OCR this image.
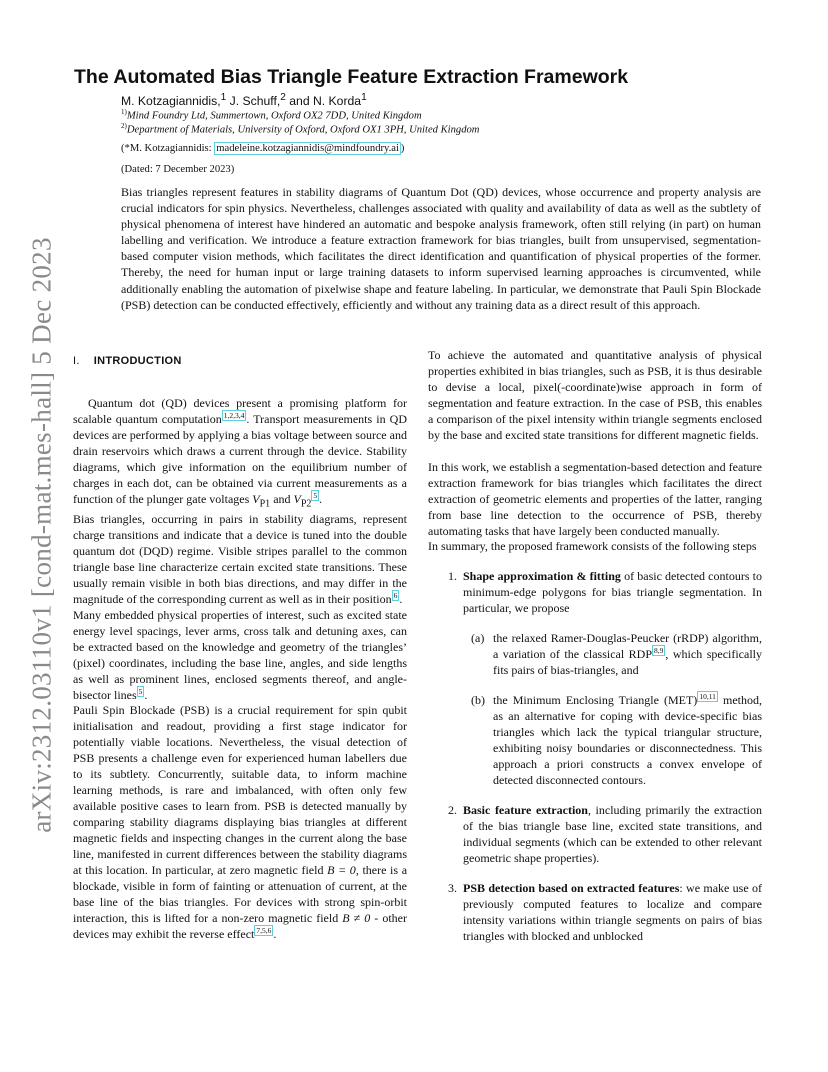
arXiv:2312.03110v1 [cond-mat.mes-hall] 5 Dec 2023
The Automated Bias Triangle Feature Extraction Framework
M. Kotzagiannidis,$^1$ J. Schuff,$^2$ and N. Korda$^1$
$^{1)}$Mind Foundry Ltd, Summertown, Oxford OX2 7DD, United Kingdom
$^{2)}$Department of Materials, University of Oxford, Oxford OX1 3PH, United Kingdom
(*M. Kotzagiannidis: madeleine.kotzagiannidis@mindfoundry.ai )
(Dated: 7 December 2023)

Bias triangles represent features in stability diagrams of Quantum Dot (QD) devices, whose occurrence and property analysis are crucial indicators for spin physics. Nevertheless, challenges associated with quality and availability of data as well as the subtlety of physical phenomena of interest have hindered an automatic and bespoke analysis framework, often still relying (in part) on human labelling and verification. We introduce a feature extraction framework for bias triangles, built from unsupervised, segmentation-based computer vision methods, which facilitates the direct identification and quantification of physical properties of the former. Thereby, the need for human input or large training datasets to inform supervised learning approaches is circumvented, while additionally enabling the automation of pixelwise shape and feature labeling. In particular, we demonstrate that Pauli Spin Blockade (PSB) detection can be conducted effectively, efficiently and without any training data as a direct result of this approach.

I. INTRODUCTION

Quantum dot (QD) devices present a promising platform for scalable quantum computation $^{1,2,3,4}$ . Transport measurements in QD devices are performed by applying a bias voltage between source and drain reservoirs which draws a current through the device. Stability diagrams, which give information on the equilibrium number of charges in each dot, can be obtained via current measurements as a function of the plunger gate voltages $V_{P1}$ and $V_{P2}^5$ .

Bias triangles, occurring in pairs in stability diagrams, represent charge transitions and indicate that a device is tuned into the double quantum dot (DQD) regime. Visible stripes parallel to the common triangle base line characterize certain excited state transitions. These usually remain visible in both bias directions, and may differ in the magnitude of the corresponding current as well as in their position $^6$ .

Many embedded physical properties of interest, such as excited state energy level spacings, lever arms, cross talk and detuning axes, can be extracted based on the knowledge and geometry of the triangles’ (pixel) coordinates, including the base line, angles, and side lengths as well as prominent lines, enclosed segments thereof, and angle-bisector lines $^5$ .

Pauli Spin Blockade (PSB) is a crucial requirement for spin qubit initialisation and readout, providing a first stage indicator for potentially viable locations. Nevertheless, the visual detection of PSB presents a challenge even for experienced human labellers due to its subtlety. Concurrently, suitable data, to inform machine learning methods, is rare and imbalanced, with often only few available positive cases to learn from. PSB is detected manually by comparing stability diagrams displaying bias triangles at different magnetic fields and inspecting changes in the current along the base line, manifested in current differences between the stability diagrams at this location. In particular, at zero magnetic field B = 0, there is a blockade, visible in form of fainting or attenuation of current, at the base line of the bias triangles. For devices with strong spin-orbit interaction, this is lifted for a non-zero magnetic field B ≠ 0 - other devices may exhibit the reverse effect $^{7,5,6}$ .

To achieve the automated and quantitative analysis of physical properties exhibited in bias triangles, such as PSB, it is thus desirable to devise a local, pixel(-coordinate)wise approach in form of segmentation and feature extraction. In the case of PSB, this enables a comparison of the pixel intensity within triangle segments enclosed by the base and excited state transitions for different magnetic fields.

In this work, we establish a segmentation-based detection and feature extraction framework for bias triangles which facilitates the direct extraction of geometric elements and properties of the latter, ranging from base line detection to the occurrence of PSB, thereby automating tasks that have largely been conducted manually.

In summary, the proposed framework consists of the following steps

1. Shape approximation & fitting of basic detected contours to minimum-edge polygons for bias triangle segmentation. In particular, we propose
(a) the relaxed Ramer-Douglas-Peucker (rRDP) algorithm, a variation of the classical RDP $^{8,9}$ , which specifically fits pairs of bias-triangles, and
(b) the Minimum Enclosing Triangle (MET) $^{10,11}$ method, as an alternative for coping with device-specific bias triangles which lack the typical triangular structure, exhibiting noisy boundaries or disconnectedness. This approach a priori constructs a convex envelope of detected disconnected contours.
2. Basic feature extraction, including primarily the extraction of the bias triangle base line, excited state transitions, and individual segments (which can be extended to other relevant geometric shape properties).
3. PSB detection based on extracted features: we make use of previously computed features to localize and compare intensity variations within triangle segments on pairs of bias triangles with blocked and unblocked
